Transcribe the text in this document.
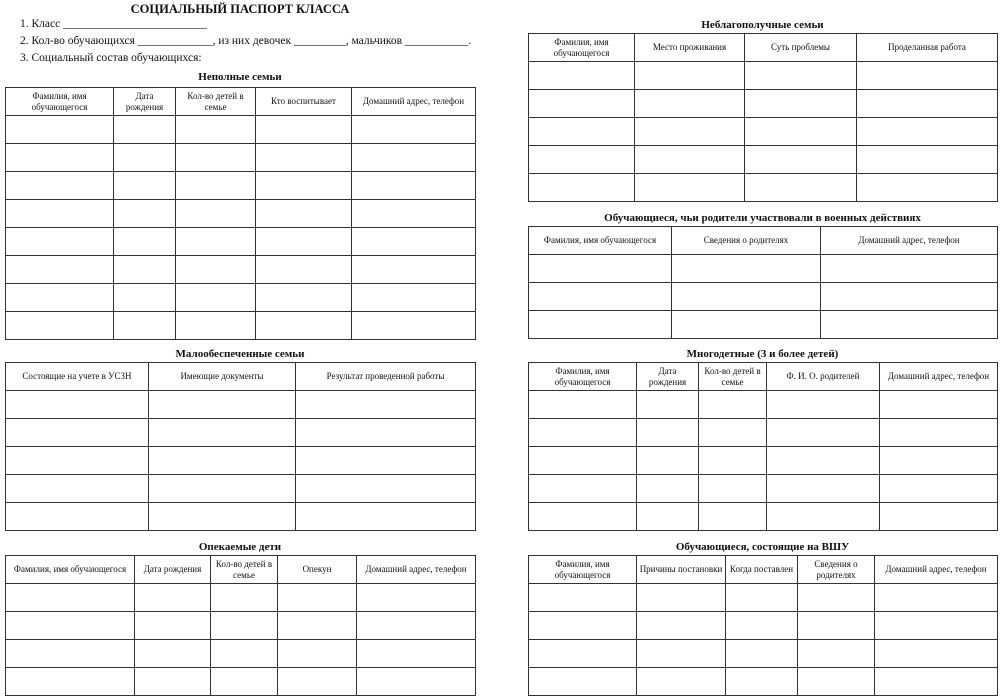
СОЦИАЛЬНЫЙ ПАСПОРТ КЛАССА
1. Класс _________________________
2. Кол-во обучающихся _____________, из них девочек _________, мальчиков ___________.
3. Социальный состав обучающихся:
Неполные семьи
Фамилия, имя обучающегося	Дата рождения	Кол-во детей в семье	Кто воспитывает	Домашний адрес, телефон

Малообеспеченные семьи
Состоящие на учете в УСЗН	Имеющие документы	Результат проведенной работы

Опекаемые дети
Фамилия, имя обучающегося	Дата рождения	Кол-во детей в семье	Опекун	Домашний адрес, телефон

Неблагополучные семьи
Фамилия, имя обучающегося	Место проживания	Суть проблемы	Проделанная работа

Обучающиеся, чьи родители участвовали в военных действиях
Фамилия, имя обучающегося	Сведения о родителях	Домашний адрес, телефон

Многодетные (3 и более детей)
Фамилия, имя обучающегося	Дата рождения	Кол-во детей в семье	Ф. И. О. родителей	Домашний адрес, телефон

Обучающиеся, состоящие на ВШУ
Фамилия, имя обучающегося	Причины постановки	Когда поставлен	Сведения о родителях	Домашний адрес, телефон
